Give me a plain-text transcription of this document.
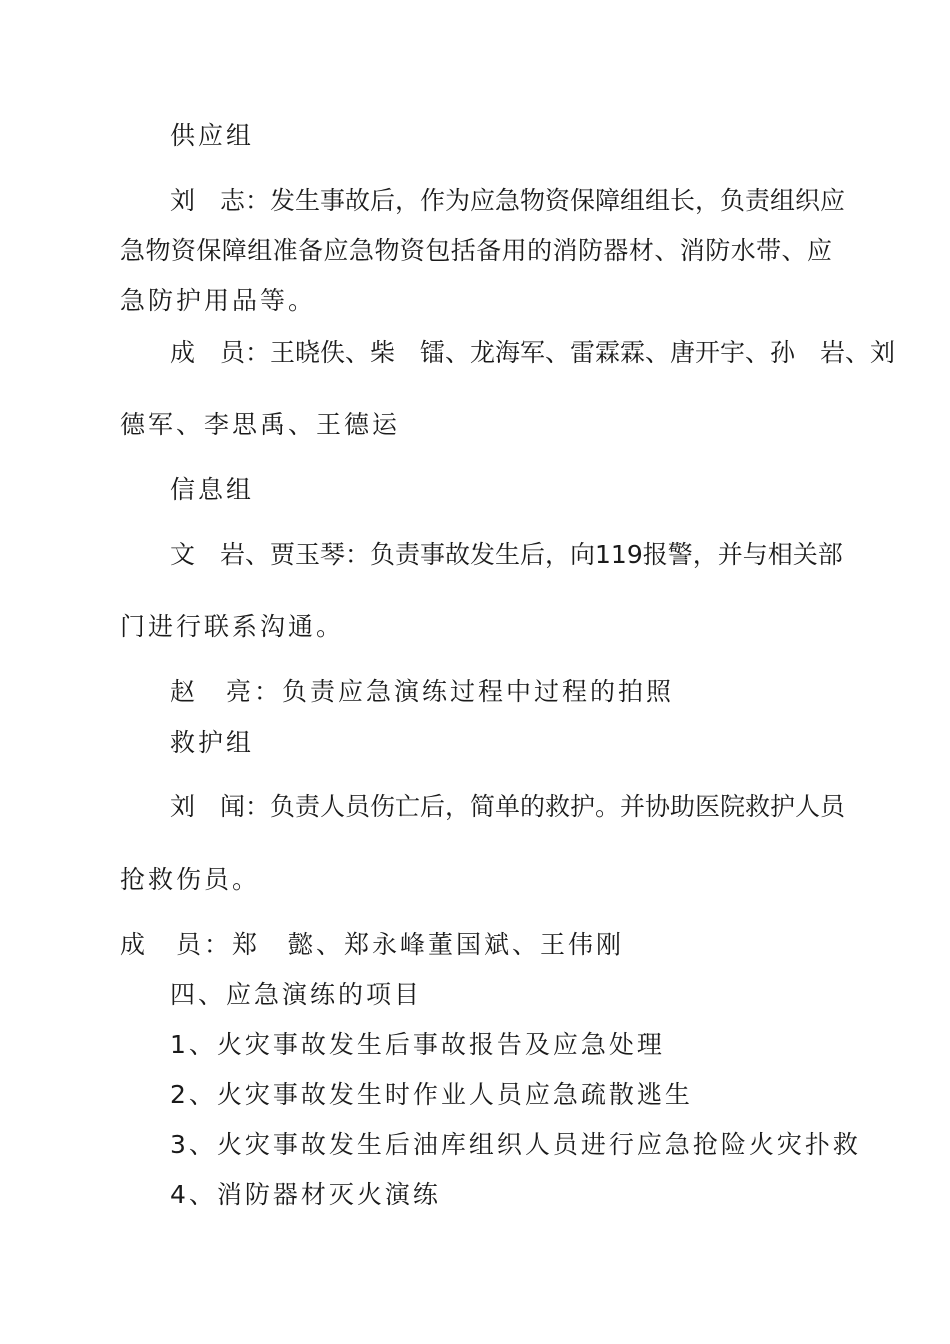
供应组
刘　志：发生事故后，作为应急物资保障组组长，负责组织应
急物资保障组准备应急物资包括备用的消防器材、消防水带、应
急防护用品等。
成　员：王晓佚、柴　镭、龙海军、雷霖霖、唐开宇、孙　岩、刘
德军、李思禹、王德运
信息组
文　岩、贾玉琴：负责事故发生后，向119报警，并与相关部
门进行联系沟通。
赵　亮：负责应急演练过程中过程的拍照
救护组
刘　闻：负责人员伤亡后，简单的救护。并协助医院救护人员
抢救伤员。
成　员：郑　懿、郑永峰董国斌、王伟刚
四、应急演练的项目
1、火灾事故发生后事故报告及应急处理
2、火灾事故发生时作业人员应急疏散逃生
3、火灾事故发生后油库组织人员进行应急抢险火灾扑救
4、消防器材灭火演练
